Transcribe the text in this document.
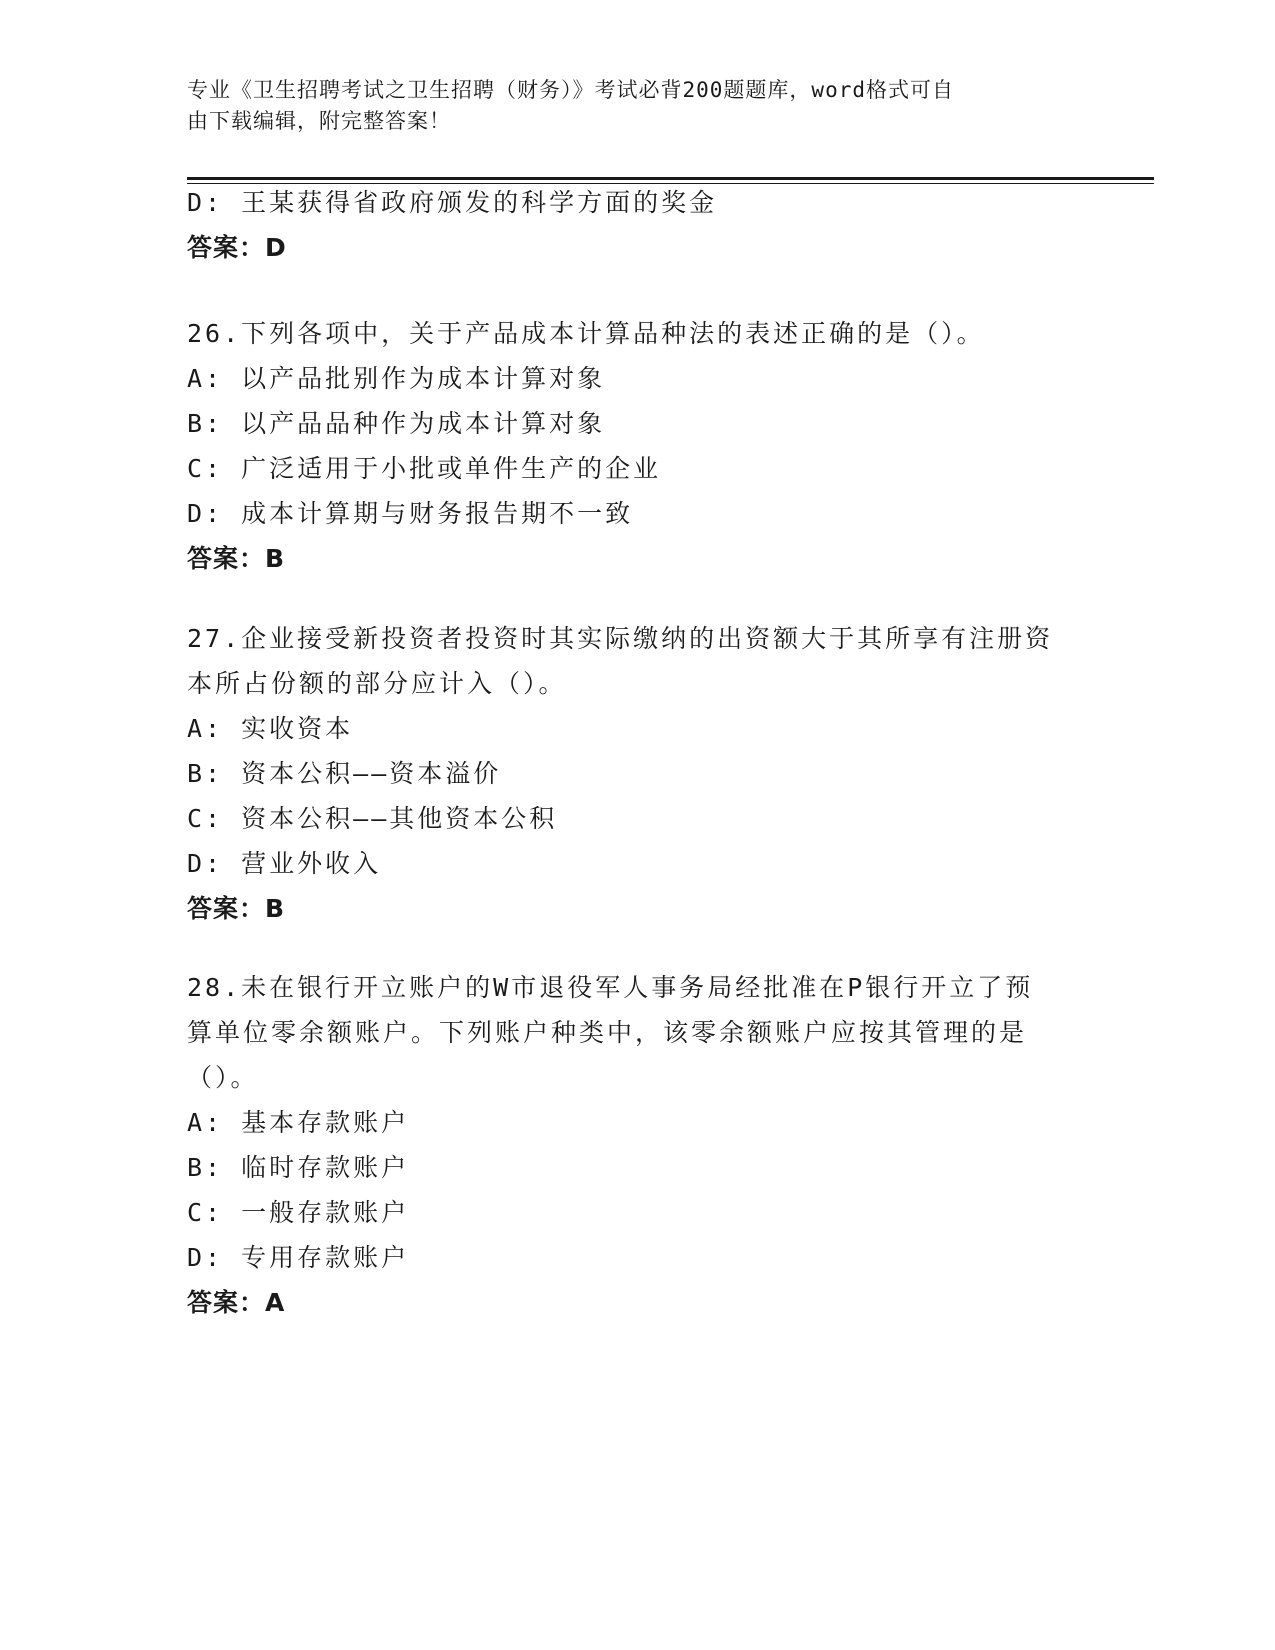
专业《卫生招聘考试之卫生招聘（财务）》考试必背200题题库，word格式可自
由下载编辑，附完整答案！
D: 王某获得省政府颁发的科学方面的奖金
答案：D
26.下列各项中，关于产品成本计算品种法的表述正确的是（）。
A: 以产品批别作为成本计算对象
B: 以产品品种作为成本计算对象
C: 广泛适用于小批或单件生产的企业
D: 成本计算期与财务报告期不一致
答案：B
27.企业接受新投资者投资时其实际缴纳的出资额大于其所享有注册资
本所占份额的部分应计入（）。
A: 实收资本
B: 资本公积——资本溢价
C: 资本公积——其他资本公积
D: 营业外收入
答案：B
28.未在银行开立账户的W市退役军人事务局经批准在P银行开立了预
算单位零余额账户。下列账户种类中，该零余额账户应按其管理的是
（）。
A: 基本存款账户
B: 临时存款账户
C: 一般存款账户
D: 专用存款账户
答案：A
